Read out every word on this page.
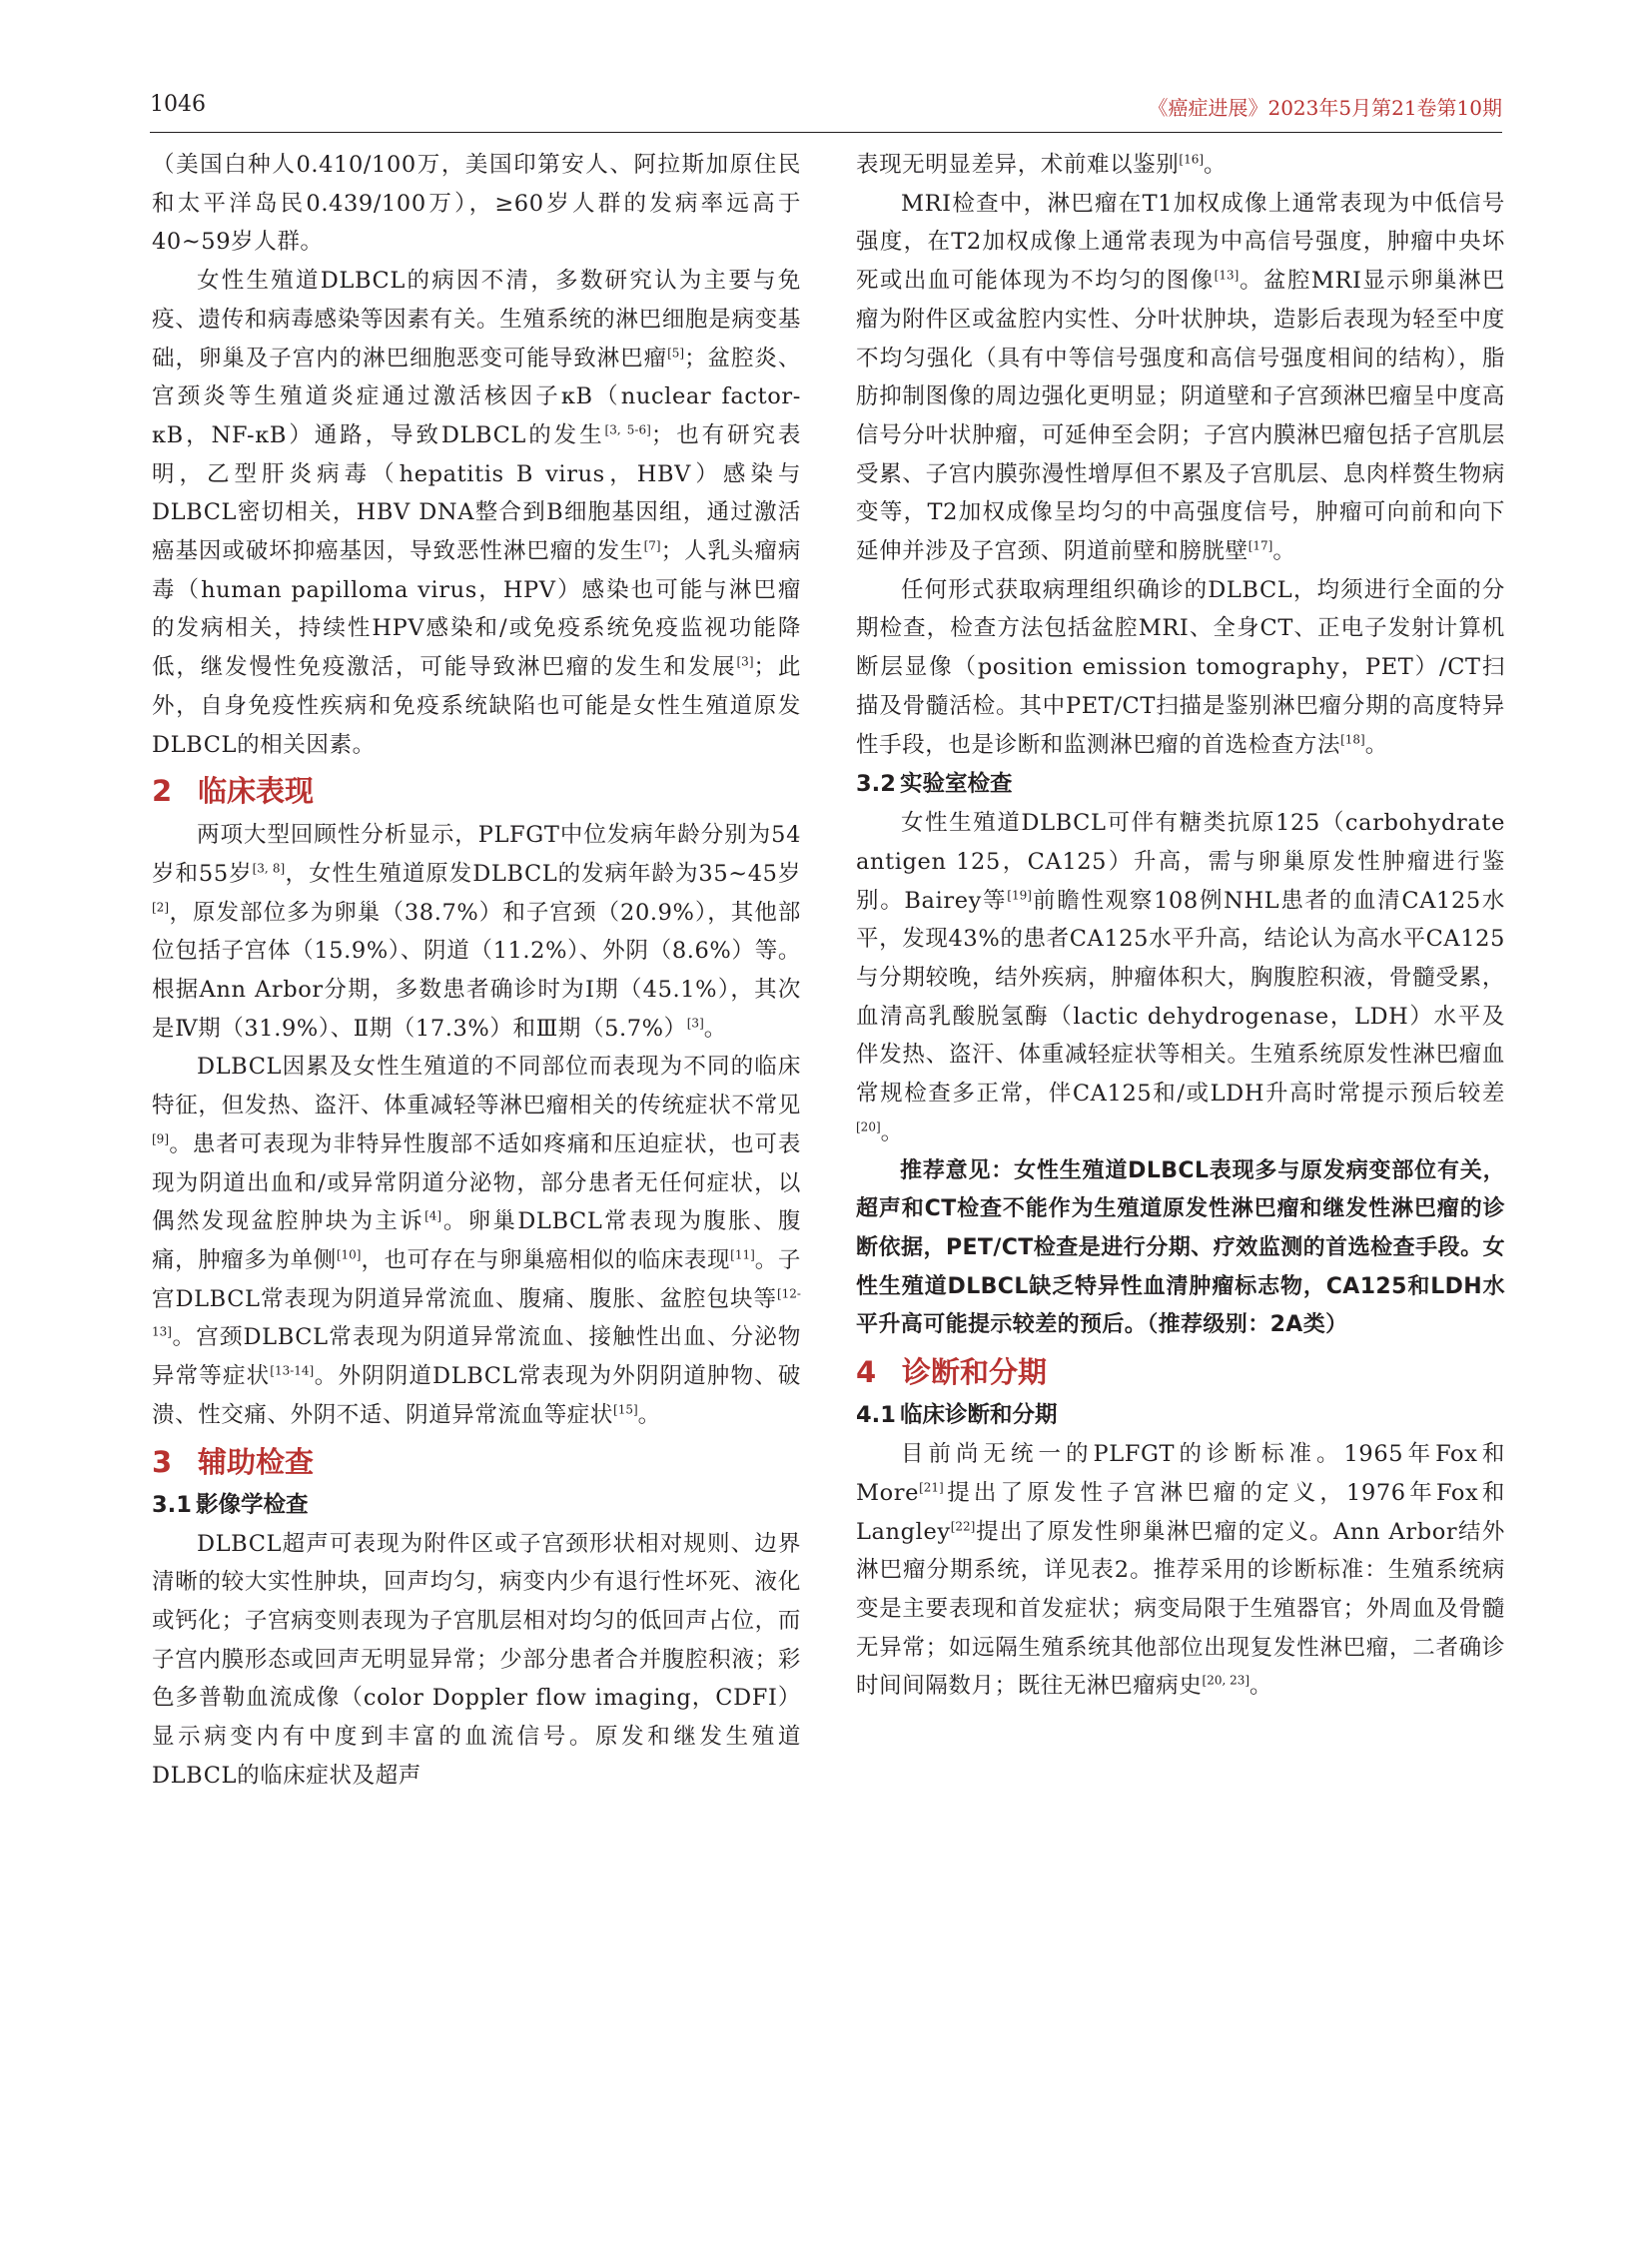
1046	《癌症进展》2023年5月第21卷第10期

（美国白种人0.410/100万，美国印第安人、阿拉斯加原住民和太平洋岛民0.439/100万），≥60岁人群的发病率远高于40~59岁人群。

女性生殖道DLBCL的病因不清，多数研究认为主要与免疫、遗传和病毒感染等因素有关。生殖系统的淋巴细胞是病变基础，卵巢及子宫内的淋巴细胞恶变可能导致淋巴瘤[5]；盆腔炎、宫颈炎等生殖道炎症通过激活核因子κB（nuclear factor-κB，NF-κB）通路，导致DLBCL的发生[3, 5-6]；也有研究表明，乙型肝炎病毒（hepatitis B virus，HBV）感染与DLBCL密切相关，HBV DNA整合到B细胞基因组，通过激活癌基因或破坏抑癌基因，导致恶性淋巴瘤的发生[7]；人乳头瘤病毒（human papilloma virus，HPV）感染也可能与淋巴瘤的发病相关，持续性HPV感染和/或免疫系统免疫监视功能降低，继发慢性免疫激活，可能导致淋巴瘤的发生和发展[3]；此外，自身免疫性疾病和免疫系统缺陷也可能是女性生殖道原发DLBCL的相关因素。

2 临床表现

两项大型回顾性分析显示，PLFGT中位发病年龄分别为54岁和55岁[3, 8]，女性生殖道原发DLBCL的发病年龄为35~45岁[2]，原发部位多为卵巢（38.7%）和子宫颈（20.9%），其他部位包括子宫体（15.9%）、阴道（11.2%）、外阴（8.6%）等。根据Ann Arbor分期，多数患者确诊时为Ⅰ期（45.1%），其次是Ⅳ期（31.9%）、Ⅱ期（17.3%）和Ⅲ期（5.7%）[3]。

DLBCL因累及女性生殖道的不同部位而表现为不同的临床特征，但发热、盗汗、体重减轻等淋巴瘤相关的传统症状不常见[9]。患者可表现为非特异性腹部不适如疼痛和压迫症状，也可表现为阴道出血和/或异常阴道分泌物，部分患者无任何症状，以偶然发现盆腔肿块为主诉[4]。卵巢DLBCL常表现为腹胀、腹痛，肿瘤多为单侧[10]，也可存在与卵巢癌相似的临床表现[11]。子宫DLBCL常表现为阴道异常流血、腹痛、腹胀、盆腔包块等[12-13]。宫颈DLBCL常表现为阴道异常流血、接触性出血、分泌物异常等症状[13-14]。外阴阴道DLBCL常表现为外阴阴道肿物、破溃、性交痛、外阴不适、阴道异常流血等症状[15]。

3 辅助检查
3.1 影像学检查

DLBCL超声可表现为附件区或子宫颈形状相对规则、边界清晰的较大实性肿块，回声均匀，病变内少有退行性坏死、液化或钙化；子宫病变则表现为子宫肌层相对均匀的低回声占位，而子宫内膜形态或回声无明显异常；少部分患者合并腹腔积液；彩色多普勒血流成像（color Doppler flow imaging，CDFI）显示病变内有中度到丰富的血流信号。原发和继发生殖道DLBCL的临床症状及超声

表现无明显差异，术前难以鉴别[16]。

MRI检查中，淋巴瘤在T1加权成像上通常表现为中低信号强度，在T2加权成像上通常表现为中高信号强度，肿瘤中央坏死或出血可能体现为不均匀的图像[13]。盆腔MRI显示卵巢淋巴瘤为附件区或盆腔内实性、分叶状肿块，造影后表现为轻至中度不均匀强化（具有中等信号强度和高信号强度相间的结构），脂肪抑制图像的周边强化更明显；阴道壁和子宫颈淋巴瘤呈中度高信号分叶状肿瘤，可延伸至会阴；子宫内膜淋巴瘤包括子宫肌层受累、子宫内膜弥漫性增厚但不累及子宫肌层、息肉样赘生物病变等，T2加权成像呈均匀的中高强度信号，肿瘤可向前和向下延伸并涉及子宫颈、阴道前壁和膀胱壁[17]。

任何形式获取病理组织确诊的DLBCL，均须进行全面的分期检查，检查方法包括盆腔MRI、全身CT、正电子发射计算机断层显像（position emission tomography，PET）/CT扫描及骨髓活检。其中PET/CT扫描是鉴别淋巴瘤分期的高度特异性手段，也是诊断和监测淋巴瘤的首选检查方法[18]。

3.2 实验室检查

女性生殖道DLBCL可伴有糖类抗原125（carbohydrate antigen 125，CA125）升高，需与卵巢原发性肿瘤进行鉴别。Bairey等[19]前瞻性观察108例NHL患者的血清CA125水平，发现43%的患者CA125水平升高，结论认为高水平CA125与分期较晚，结外疾病，肿瘤体积大，胸腹腔积液，骨髓受累，血清高乳酸脱氢酶（lactic dehydrogenase，LDH）水平及伴发热、盗汗、体重减轻症状等相关。生殖系统原发性淋巴瘤血常规检查多正常，伴CA125和/或LDH升高时常提示预后较差[20]。

推荐意见：女性生殖道DLBCL表现多与原发病变部位有关，超声和CT检查不能作为生殖道原发性淋巴瘤和继发性淋巴瘤的诊断依据，PET/CT检查是进行分期、疗效监测的首选检查手段。女性生殖道DLBCL缺乏特异性血清肿瘤标志物，CA125和LDH水平升高可能提示较差的预后。（推荐级别：2A类）

4 诊断和分期
4.1 临床诊断和分期

目前尚无统一的PLFGT的诊断标准。1965年Fox和More[21]提出了原发性子宫淋巴瘤的定义，1976年Fox和Langley[22]提出了原发性卵巢淋巴瘤的定义。Ann Arbor结外淋巴瘤分期系统，详见表2。推荐采用的诊断标准：生殖系统病变是主要表现和首发症状；病变局限于生殖器官；外周血及骨髓无异常；如远隔生殖系统其他部位出现复发性淋巴瘤，二者确诊时间间隔数月；既往无淋巴瘤病史[20, 23]。
